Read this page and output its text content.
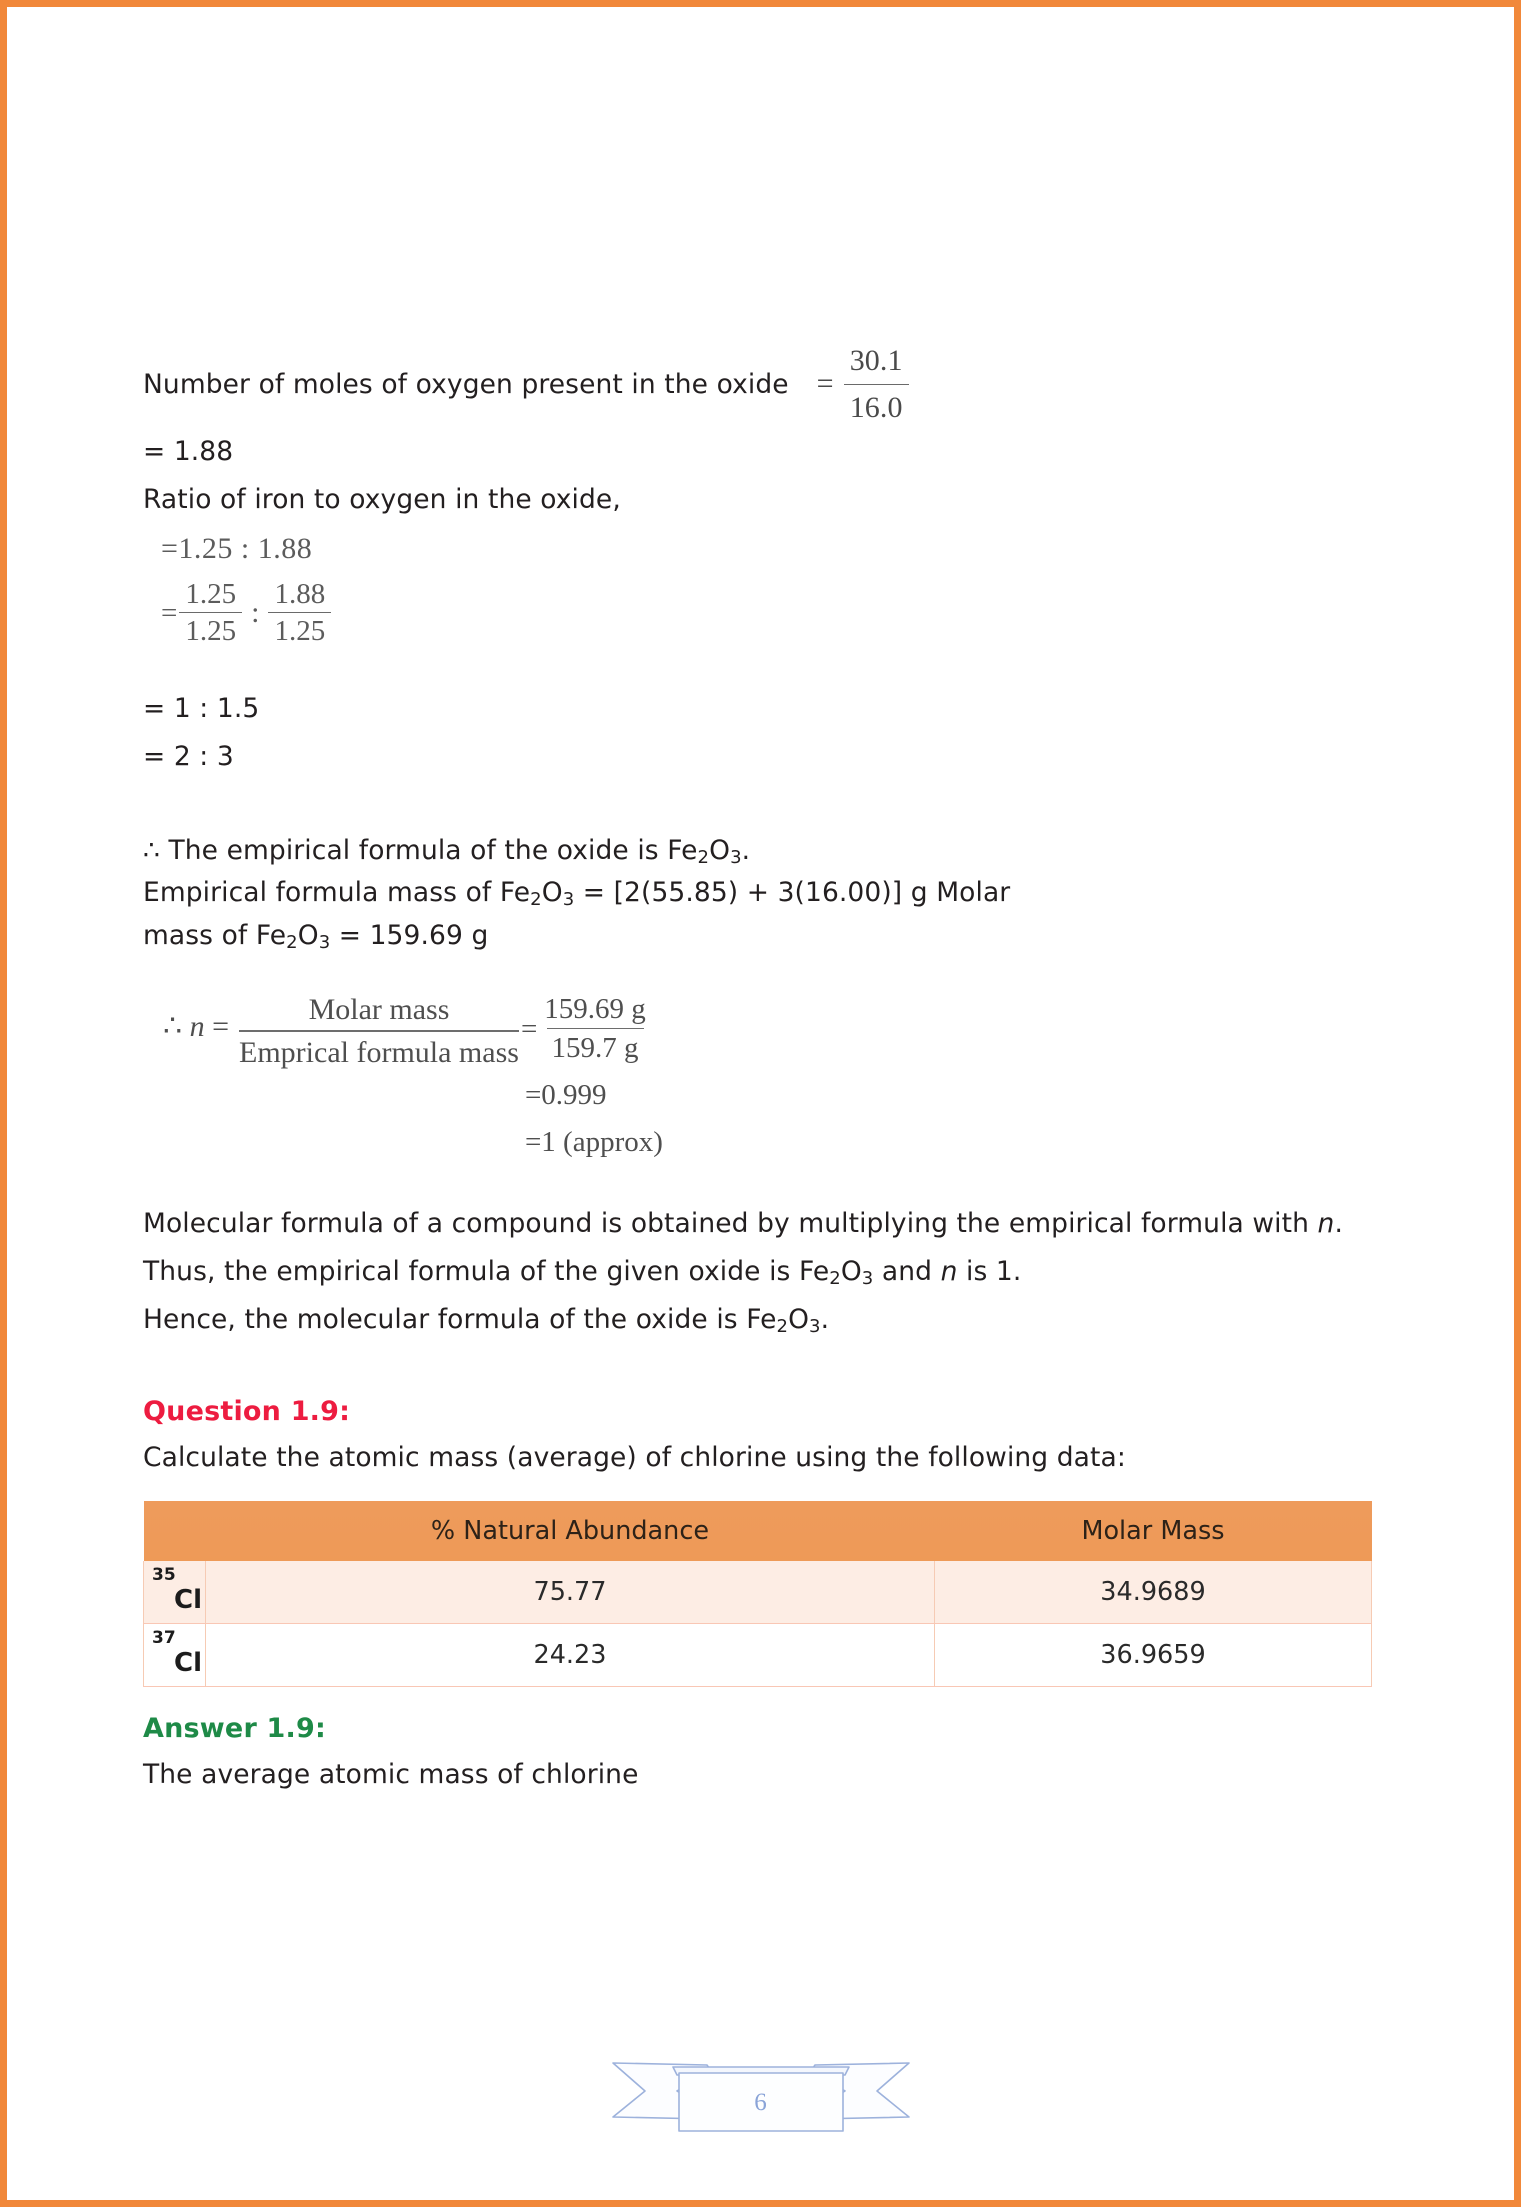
Number of moles of oxygen present in the oxide = $\frac{30.1}{16.0}$
= 1.88
Ratio of iron to oxygen in the oxide,
=1.25 : 1.88
= $\frac{1.25}{1.25}$ : $\frac{1.88}{1.25}$
= 1 : 1.5
= 2 : 3
∴ The empirical formula of the oxide is $Fe_2O_3$.
Empirical formula mass of $Fe_2O_3 = [2(55.85) + 3(16.00)]$ g Molar
mass of $Fe_2O_3 = 159.69$ g
∴ $n = \frac{\text{Molar mass}}{\text{Emprical formula mass}} = \frac{159.69 g}{159.7 g}$
=0.999
=1 (approx)
Molecular formula of a compound is obtained by multiplying the empirical formula with n.
Thus, the empirical formula of the given oxide is $Fe_2O_3$ and n is 1.
Hence, the molecular formula of the oxide is $Fe_2O_3$.
Question 1.9:
Calculate the atomic mass (average) of chlorine using the following data:
	% Natural Abundance	Molar Mass

35
Cl	75.77	34.9689

37
Cl	24.23	36.9659
Answer 1.9:
The average atomic mass of chlorine
6
